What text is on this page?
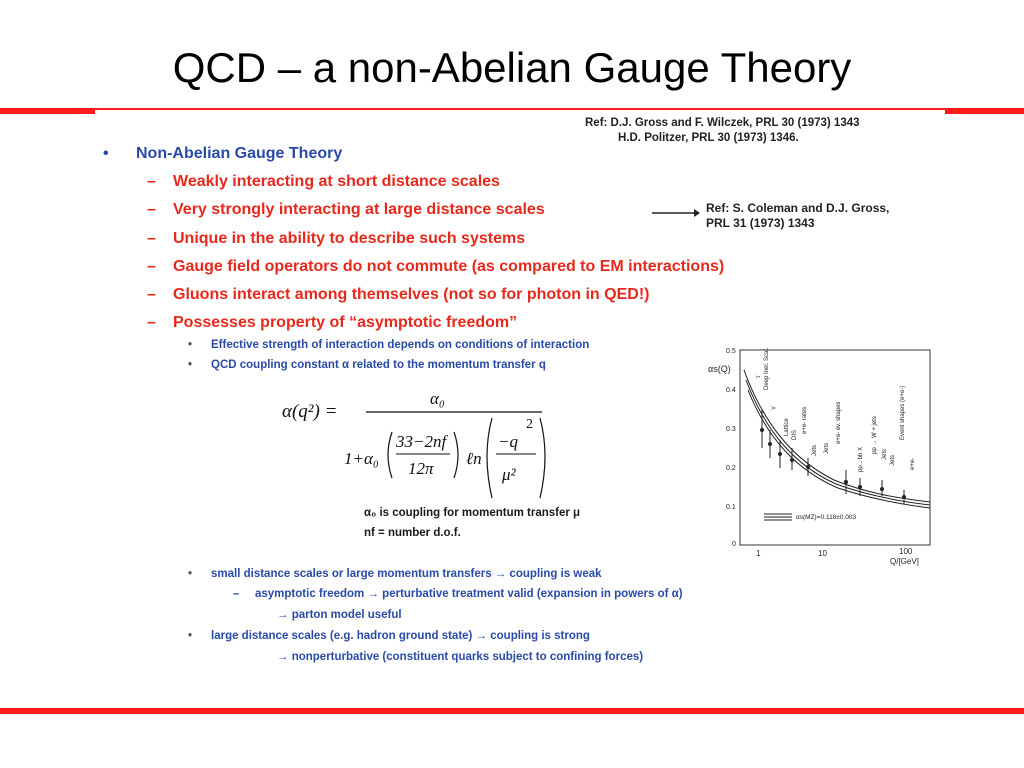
QCD – a non-Abelian Gauge Theory
Ref: D.J. Gross and F. Wilczek, PRL 30 (1973) 1343
H.D. Politzer, PRL 30 (1973) 1346.
• Non-Abelian Gauge Theory
– Weakly interacting at short distance scales
– Very strongly interacting at large distance scales
– Unique in the ability to describe such systems
– Gauge field operators do not commute (as compared to EM interactions)
– Gluons interact among themselves (not so for photon in QED!)
– Possesses property of “asymptotic freedom”
Ref: S. Coleman and D.J. Gross,
PRL 31 (1973) 1343
• Effective strength of interaction depends on conditions of interaction
• QCD coupling constant α related to the momentum transfer q
α(q²) =
α₀
1+α₀
33−2nf
12π
ℓn
−q
2
μ²
α₀ is coupling for momentum transfer μ
nf = number d.o.f.
αs(Q)
0.5
0.4
0.3
0.2
0.1
0
1	10	100
Q/[GeV]
Deep Inel. Scat.
τ
Υ
Lattice DIS
e+e- rates
Jets Jets
e+e- ev. shapes
pp→bb X
pp → W + jets	Event shapes (e+e-)
Jets
Jets e+e-
αs(MZ)=0.118±0.003
• small distance scales or large momentum transfers → coupling is weak
– asymptotic freedom → perturbative treatment valid (expansion in powers of α)
→ parton model useful
• large distance scales (e.g. hadron ground state) → coupling is strong
→ nonperturbative (constituent quarks subject to confining forces)
